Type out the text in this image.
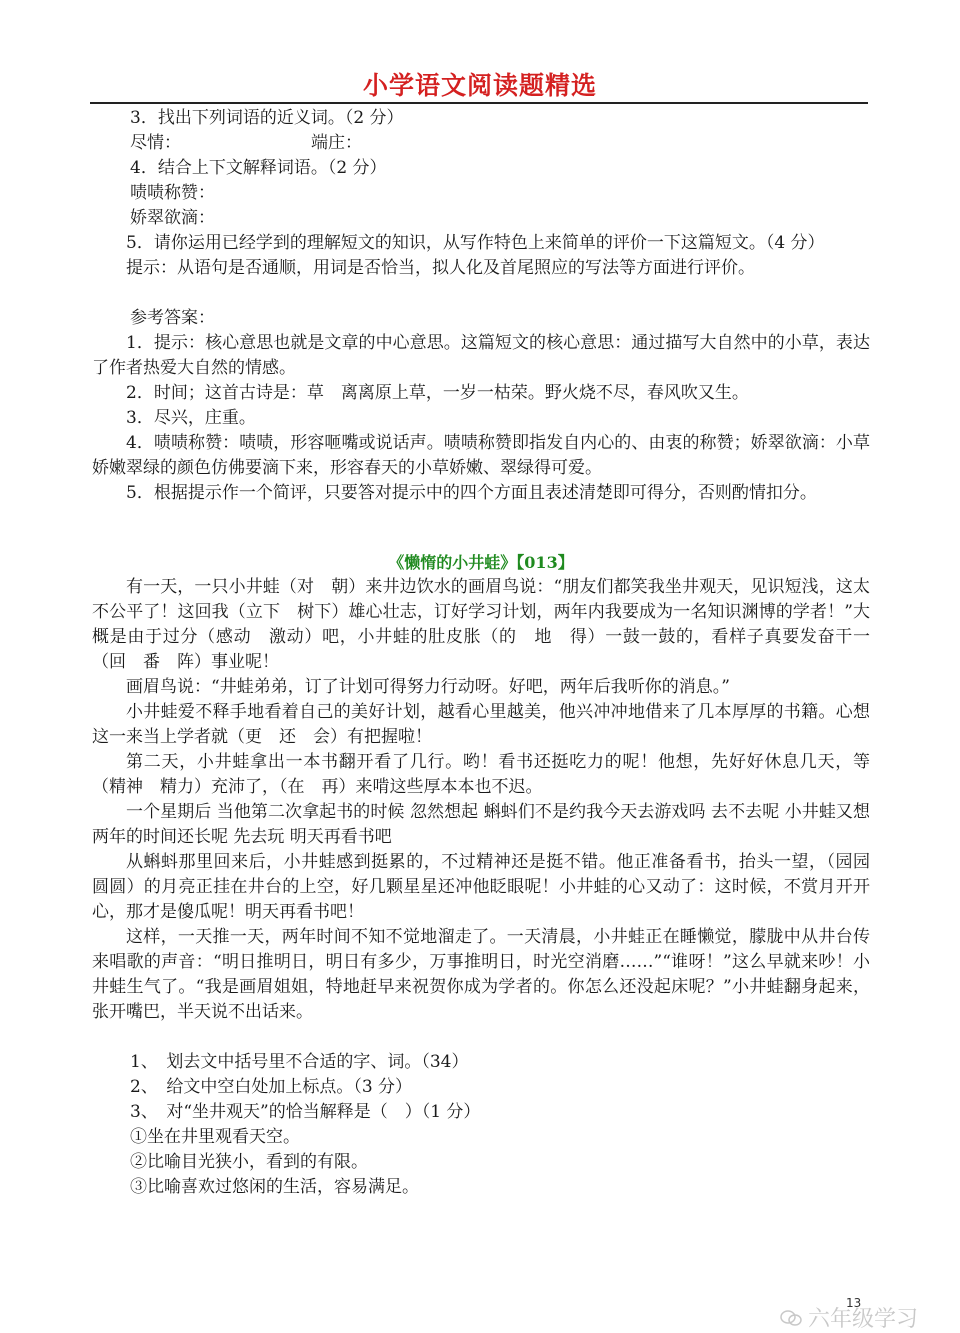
小学语文阅读题精选
3．找出下列词语的近义词。（2 分）
尽情：	端庄：
4．结合上下文解释词语。（2 分）
啧啧称赞：
娇翠欲滴：
5．请你运用已经学到的理解短文的知识，从写作特色上来简单的评价一下这篇短文。（4 分）
提示：从语句是否通顺，用词是否恰当，拟人化及首尾照应的写法等方面进行评价。
参考答案：
1．提示：核心意思也就是文章的中心意思。这篇短文的核心意思：通过描写大自然中的小草，表达了作者热爱大自然的情感。
2．时间；这首古诗是：草　离离原上草，一岁一枯荣。野火烧不尽，春风吹又生。
3．尽兴，庄重。
4．啧啧称赞：啧啧，形容咂嘴或说话声。啧啧称赞即指发自内心的、由衷的称赞；娇翠欲滴：小草娇嫩翠绿的颜色仿佛要滴下来，形容春天的小草娇嫩、翠绿得可爱。
5．根据提示作一个简评，只要答对提示中的四个方面且表述清楚即可得分，否则酌情扣分。
《懒惰的小井蛙》【013】
有一天，一只小井蛙（对　朝）来井边饮水的画眉鸟说：“朋友们都笑我坐井观天，见识短浅，这太不公平了！这回我（立下　树下）雄心壮志，订好学习计划，两年内我要成为一名知识渊博的学者！”大概是由于过分（感动　激动）吧，小井蛙的肚皮胀（的　地　得）一鼓一鼓的，看样子真要发奋干一（回　番　阵）事业呢！
画眉鸟说：“井蛙弟弟，订了计划可得努力行动呀。好吧，两年后我听你的消息。”
小井蛙爱不释手地看着自己的美好计划，越看心里越美，他兴冲冲地借来了几本厚厚的书籍。心想这一来当上学者就（更　还　会）有把握啦！
第二天，小井蛙拿出一本书翻开看了几行。哟！看书还挺吃力的呢！他想，先好好休息几天，等（精神　精力）充沛了，（在　再）来啃这些厚本本也不迟。
一个星期后 当他第二次拿起书的时候 忽然想起 蝌蚪们不是约我今天去游戏吗 去不去呢 小井蛙又想 两年的时间还长呢 先去玩 明天再看书吧
从蝌蚪那里回来后，小井蛙感到挺累的，不过精神还是挺不错。他正准备看书，抬头一望，（园园　圆圆）的月亮正挂在井台的上空，好几颗星星还冲他眨眼呢！小井蛙的心又动了：这时候，不赏月开开心，那才是傻瓜呢！明天再看书吧！
这样，一天推一天，两年时间不知不觉地溜走了。一天清晨，小井蛙正在睡懒觉，朦胧中从井台传来唱歌的声音：“明日推明日，明日有多少，万事推明日，时光空消磨……”“谁呀！”这么早就来吵！小井蛙生气了。“我是画眉姐姐，特地赶早来祝贺你成为学者的。你怎么还没起床呢？”小井蛙翻身起来，张开嘴巴，半天说不出话来。
1、　划去文中括号里不合适的字、词。（34）
2、　给文中空白处加上标点。（3 分）
3、　对“坐井观天”的恰当解释是（　）（1 分）
①坐在井里观看天空。
②比喻目光狭小，看到的有限。
③比喻喜欢过悠闲的生活，容易满足。
13
六年级学习
